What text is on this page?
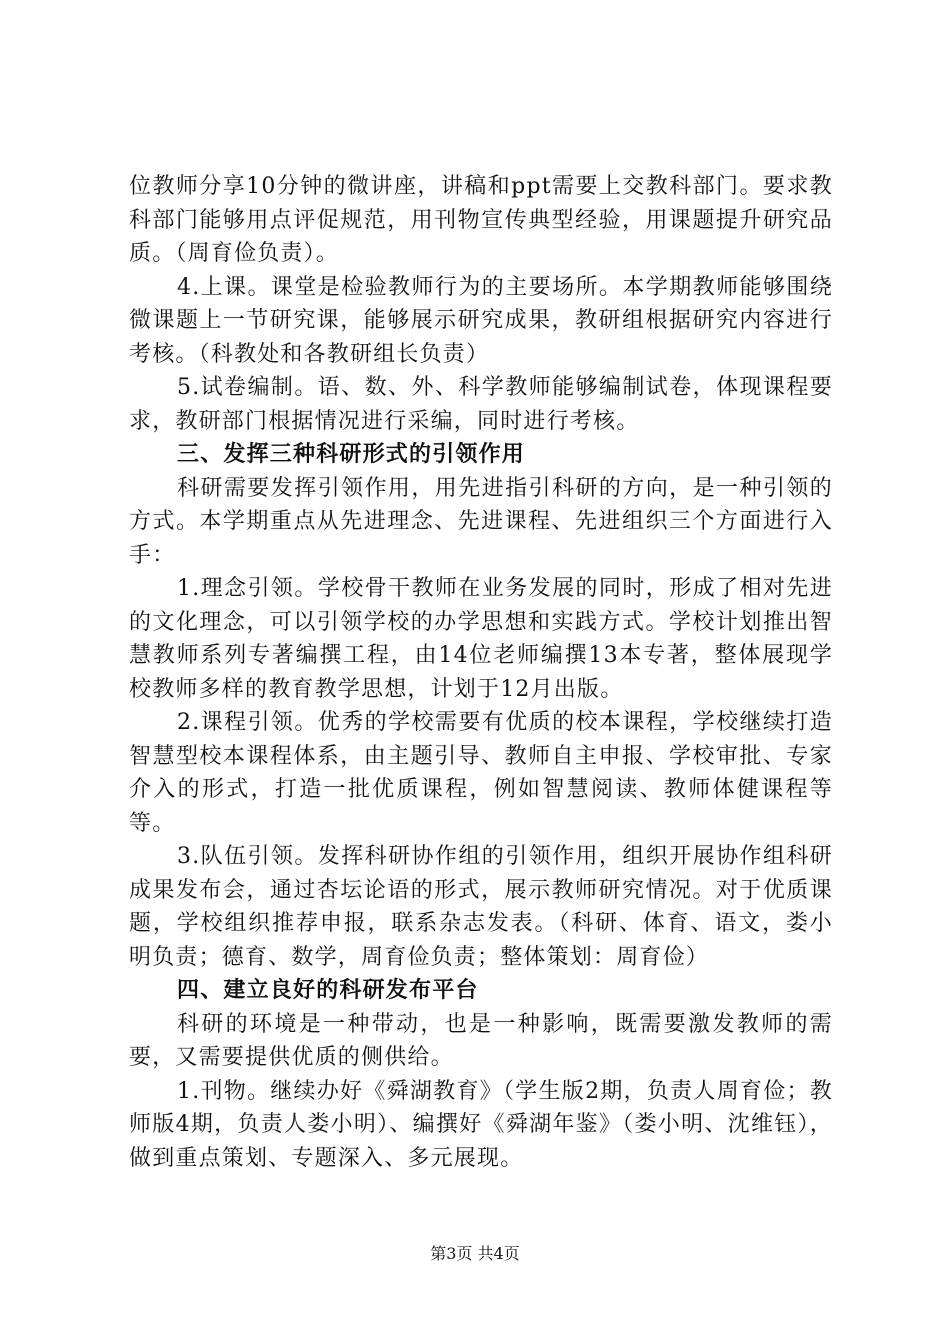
位教师分享10分钟的微讲座，讲稿和ppt需要上交教科部门。要求教科部门能够用点评促规范，用刊物宣传典型经验，用课题提升研究品质。（周育俭负责）。

4.上课。课堂是检验教师行为的主要场所。本学期教师能够围绕微课题上一节研究课，能够展示研究成果，教研组根据研究内容进行考核。（科教处和各教研组长负责）

5.试卷编制。语、数、外、科学教师能够编制试卷，体现课程要求，教研部门根据情况进行采编，同时进行考核。

三、发挥三种科研形式的引领作用

科研需要发挥引领作用，用先进指引科研的方向，是一种引领的方式。本学期重点从先进理念、先进课程、先进组织三个方面进行入手：

1.理念引领。学校骨干教师在业务发展的同时，形成了相对先进的文化理念，可以引领学校的办学思想和实践方式。学校计划推出智慧教师系列专著编撰工程，由14位老师编撰13本专著，整体展现学校教师多样的教育教学思想，计划于12月出版。

2.课程引领。优秀的学校需要有优质的校本课程，学校继续打造智慧型校本课程体系，由主题引导、教师自主申报、学校审批、专家介入的形式，打造一批优质课程，例如智慧阅读、教师体健课程等等。

3.队伍引领。发挥科研协作组的引领作用，组织开展协作组科研成果发布会，通过杏坛论语的形式，展示教师研究情况。对于优质课题，学校组织推荐申报，联系杂志发表。（科研、体育、语文，娄小明负责；德育、数学，周育俭负责；整体策划：周育俭）

四、建立良好的科研发布平台

科研的环境是一种带动，也是一种影响，既需要激发教师的需要，又需要提供优质的侧供给。

1.刊物。继续办好《舜湖教育》（学生版2期，负责人周育俭；教师版4期，负责人娄小明）、编撰好《舜湖年鉴》（娄小明、沈维钰），做到重点策划、专题深入、多元展现。

第3页 共4页
